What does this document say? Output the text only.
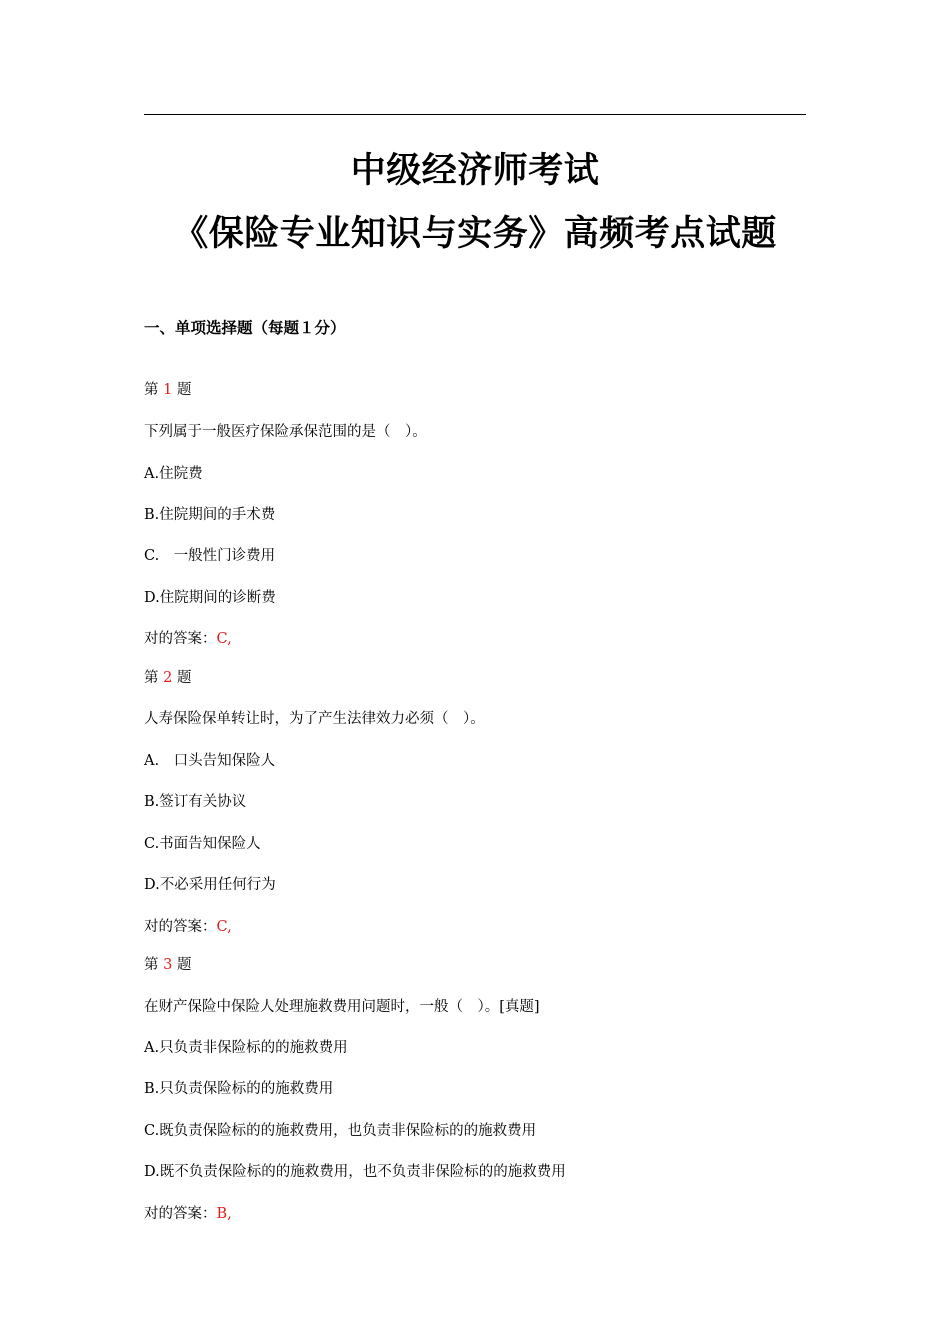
中级经济师考试
《保险专业知识与实务》高频考点试题
一、单项选择题（每题１分）
第 1 题
下列属于一般医疗保险承保范围的是（　）。
A.住院费
B.住院期间的手术费
C.　一般性门诊费用
D.住院期间的诊断费
对的答案：C,
第 2 题
人寿保险保单转让时，为了产生法律效力必须（　）。
A.　口头告知保险人
B.签订有关协议
C.书面告知保险人
D.不必采用任何行为
对的答案：C,
第 3 题
在财产保险中保险人处理施救费用问题时，一般（　）。[真题]
A.只负责非保险标的的施救费用
B.只负责保险标的的施救费用
C.既负责保险标的的施救费用，也负责非保险标的的施救费用
D.既不负责保险标的的施救费用，也不负责非保险标的的施救费用
对的答案：B,
